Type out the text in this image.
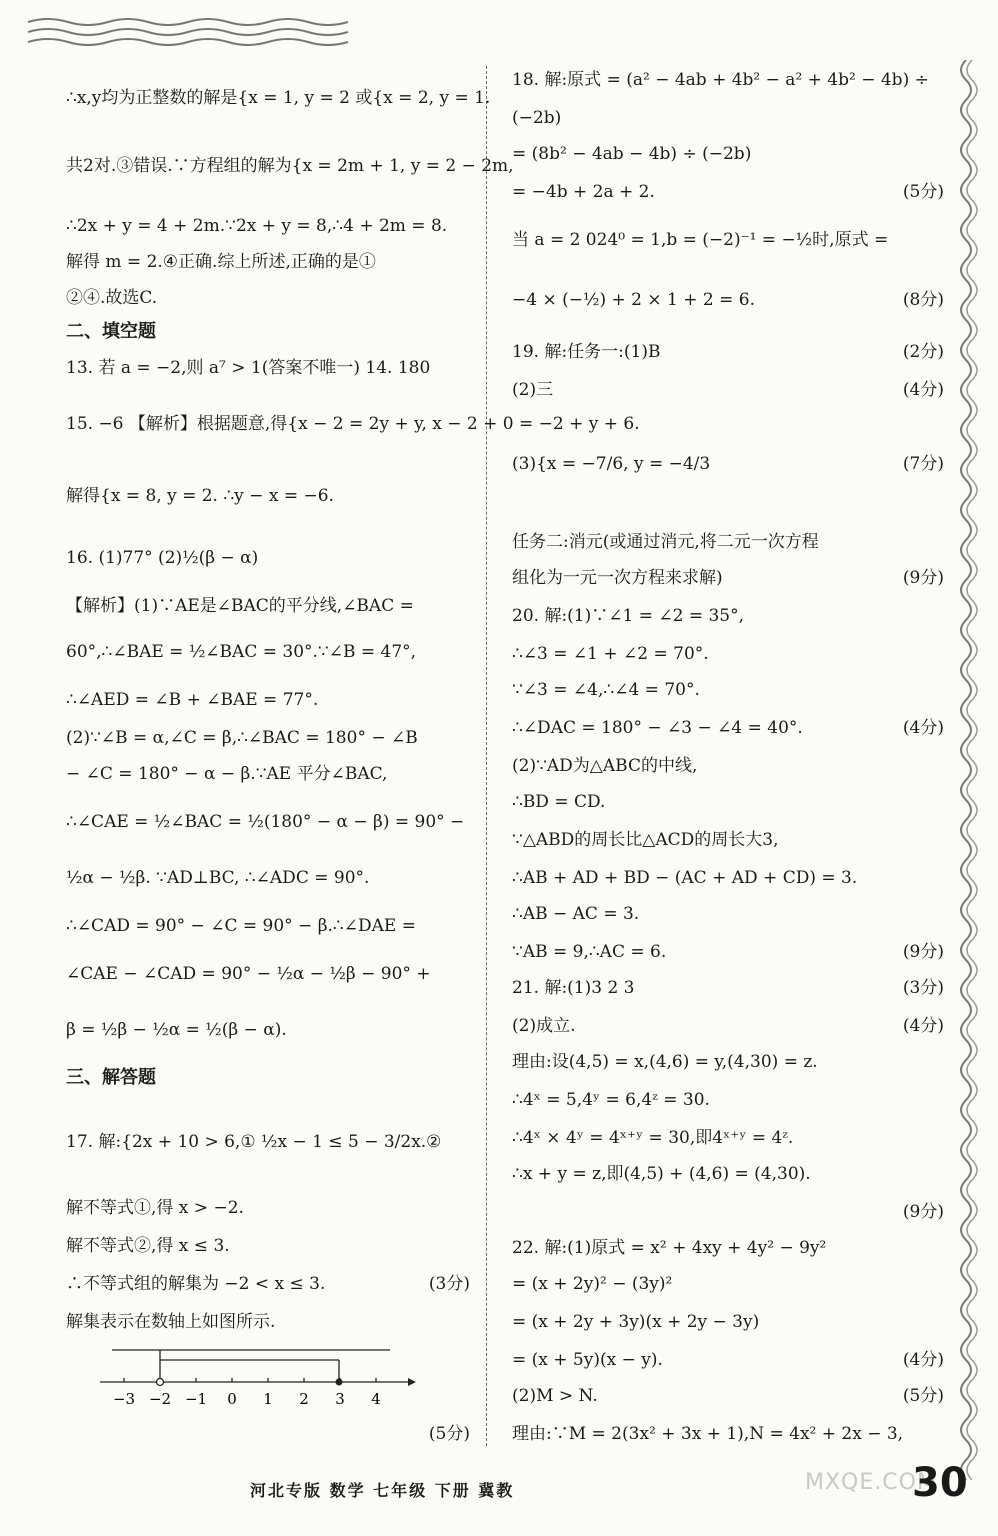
∴x,y均为正整数的解是{x = 1, y = 2 或{x = 2, y = 1.
共2对.③错误.∵方程组的解为{x = 2m + 1, y = 2 − 2m,
∴2x + y = 4 + 2m.∵2x + y = 8,∴4 + 2m = 8.
解得 m = 2.④正确.综上所述,正确的是①
②④.故选C.
二、填空题
13. 若 a = −2,则 a⁷ > 1(答案不唯一) 14. 180
15. −6 【解析】根据题意,得{x − 2 = 2y + y, x − 2 + 0 = −2 + y + 6.
解得{x = 8, y = 2. ∴y − x = −6.
16. (1)77° (2)½(β − α)
【解析】(1)∵AE是∠BAC的平分线,∠BAC =
60°,∴∠BAE = ½∠BAC = 30°.∵∠B = 47°,
∴∠AED = ∠B + ∠BAE = 77°.
(2)∵∠B = α,∠C = β,∴∠BAC = 180° − ∠B
− ∠C = 180° − α − β.∵AE 平分∠BAC,
∴∠CAE = ½∠BAC = ½(180° − α − β) = 90° −
½α − ½β. ∵AD⊥BC, ∴∠ADC = 90°.
∴∠CAD = 90° − ∠C = 90° − β.∴∠DAE =
∠CAE − ∠CAD = 90° − ½α − ½β − 90° +
β = ½β − ½α = ½(β − α).
三、解答题
17. 解:{2x + 10 > 6,① ½x − 1 ≤ 5 − 3/2x.②
解不等式①,得 x > −2.
解不等式②,得 x ≤ 3.
∴不等式组的解集为 −2 < x ≤ 3.	(3分)
解集表示在数轴上如图所示.
(5分)
18. 解:原式 = (a² − 4ab + 4b² − a² + 4b² − 4b) ÷
(−2b)
= (8b² − 4ab − 4b) ÷ (−2b)
= −4b + 2a + 2.	(5分)
当 a = 2 024⁰ = 1,b = (−2)⁻¹ = −½时,原式 =
−4 × (−½) + 2 × 1 + 2 = 6.	(8分)
19. 解:任务一:(1)B	(2分)
(2)三	(4分)
(3){x = −7/6, y = −4/3	(7分)
任务二:消元(或通过消元,将二元一次方程
组化为一元一次方程来求解)	(9分)
20. 解:(1)∵∠1 = ∠2 = 35°,
∴∠3 = ∠1 + ∠2 = 70°.
∵∠3 = ∠4,∴∠4 = 70°.
∴∠DAC = 180° − ∠3 − ∠4 = 40°.	(4分)
(2)∵AD为△ABC的中线,
∴BD = CD.
∵△ABD的周长比△ACD的周长大3,
∴AB + AD + BD − (AC + AD + CD) = 3.
∴AB − AC = 3.
∵AB = 9,∴AC = 6.	(9分)
21. 解:(1)3 2 3	(3分)
(2)成立.	(4分)
理由:设(4,5) = x,(4,6) = y,(4,30) = z.
∴4ˣ = 5,4ʸ = 6,4ᶻ = 30.
∴4ˣ × 4ʸ = 4ˣ⁺ʸ = 30,即4ˣ⁺ʸ = 4ᶻ.
∴x + y = z,即(4,5) + (4,6) = (4,30).
(9分)
22. 解:(1)原式 = x² + 4xy + 4y² − 9y²
= (x + 2y)² − (3y)²
= (x + 2y + 3y)(x + 2y − 3y)
= (x + 5y)(x − y).	(4分)
(2)M > N.	(5分)
理由:∵M = 2(3x² + 3x + 1),N = 4x² + 2x − 3,
−3 −2 −1 0 1 2 3 4
河北专版 数学 七年级 下册 冀教	MXQE.COM
30
